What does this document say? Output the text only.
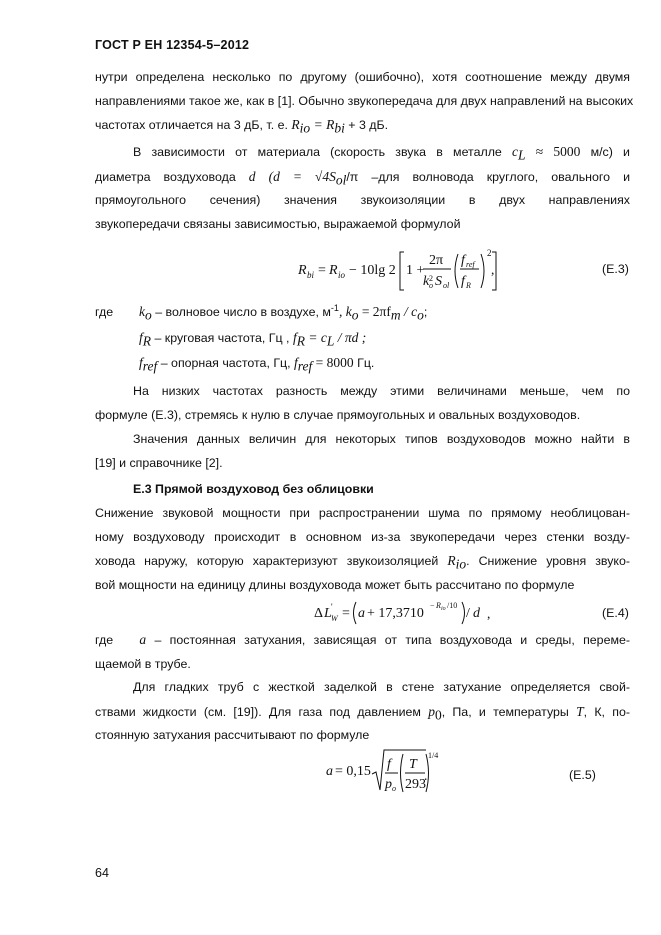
ГОСТ Р ЕН 12354-5–2012
нутри определена несколько по другому (ошибочно), хотя соотношение между двумя
направлениями такое же, как в [1]. Обычно звукопередача для двух направлений на высоких
частотах отличается на 3 дБ, т. е. $R_{io} = R_{bi} + 3$ дБ.
В зависимости от материала (скорость звука в металле $c_L \approx 5000$ м/с) и
диаметра воздуховода d ($d = √4S_{ol}/\pi$ –для волновода круглого, овального и
прямоугольного сечения) значения звукоизоляции в двух направлениях
звукопередачи связаны зависимостью, выражаемой формулой
R bi = R io − 10lg 2 1 +
2π
k 2
o S ol
f ref
f R
2
,	(E.3)
где $k_o$ – волновое число в воздухе, $м^{-1}$, $k_o = 2\pi f_m / c_o$;
$f_R$ – круговая частота, Гц , $f_R = c_L / \pi d$ ;
$f_{ref}$ – опорная частота, Гц, $f_{ref} = 8000$ Гц.
На низких частотах разность между этими величинами меньше, чем по
формуле (E.3), стремясь к нулю в случае прямоугольных и овальных воздуховодов.
Значения данных величин для некоторых типов воздуховодов можно найти в
[19] и справочнике [2].
Е.3 Прямой воздуховод без облицовки
Снижение звуковой мощности при распространении шума по прямому необлицован-
ному воздуховоду происходит в основном из-за звукопередачи через стенки возду-
ховода наружу, которую характеризуют звукоизоляцией $R_{io}$. Снижение уровня звуко-
вой мощности на единицу длины воздуховода может быть рассчитано по формуле
Δ L '
W = a + 17,3710
− R io /10
/ d ,	(E.4)
где a – постоянная затухания, зависящая от типа воздуховода и среды, переме-
щаемой в трубе.
Для гладких труб с жесткой заделкой в стене затухание определяется свой-
ствами жидкости (см. [19]). Для газа под давлением $p_0$, Па, и температуры T, К, по-
стоянную затухания рассчитывают по формуле
a = 0,15
1/4
f
p o
T
293
.	(E.5)
64
